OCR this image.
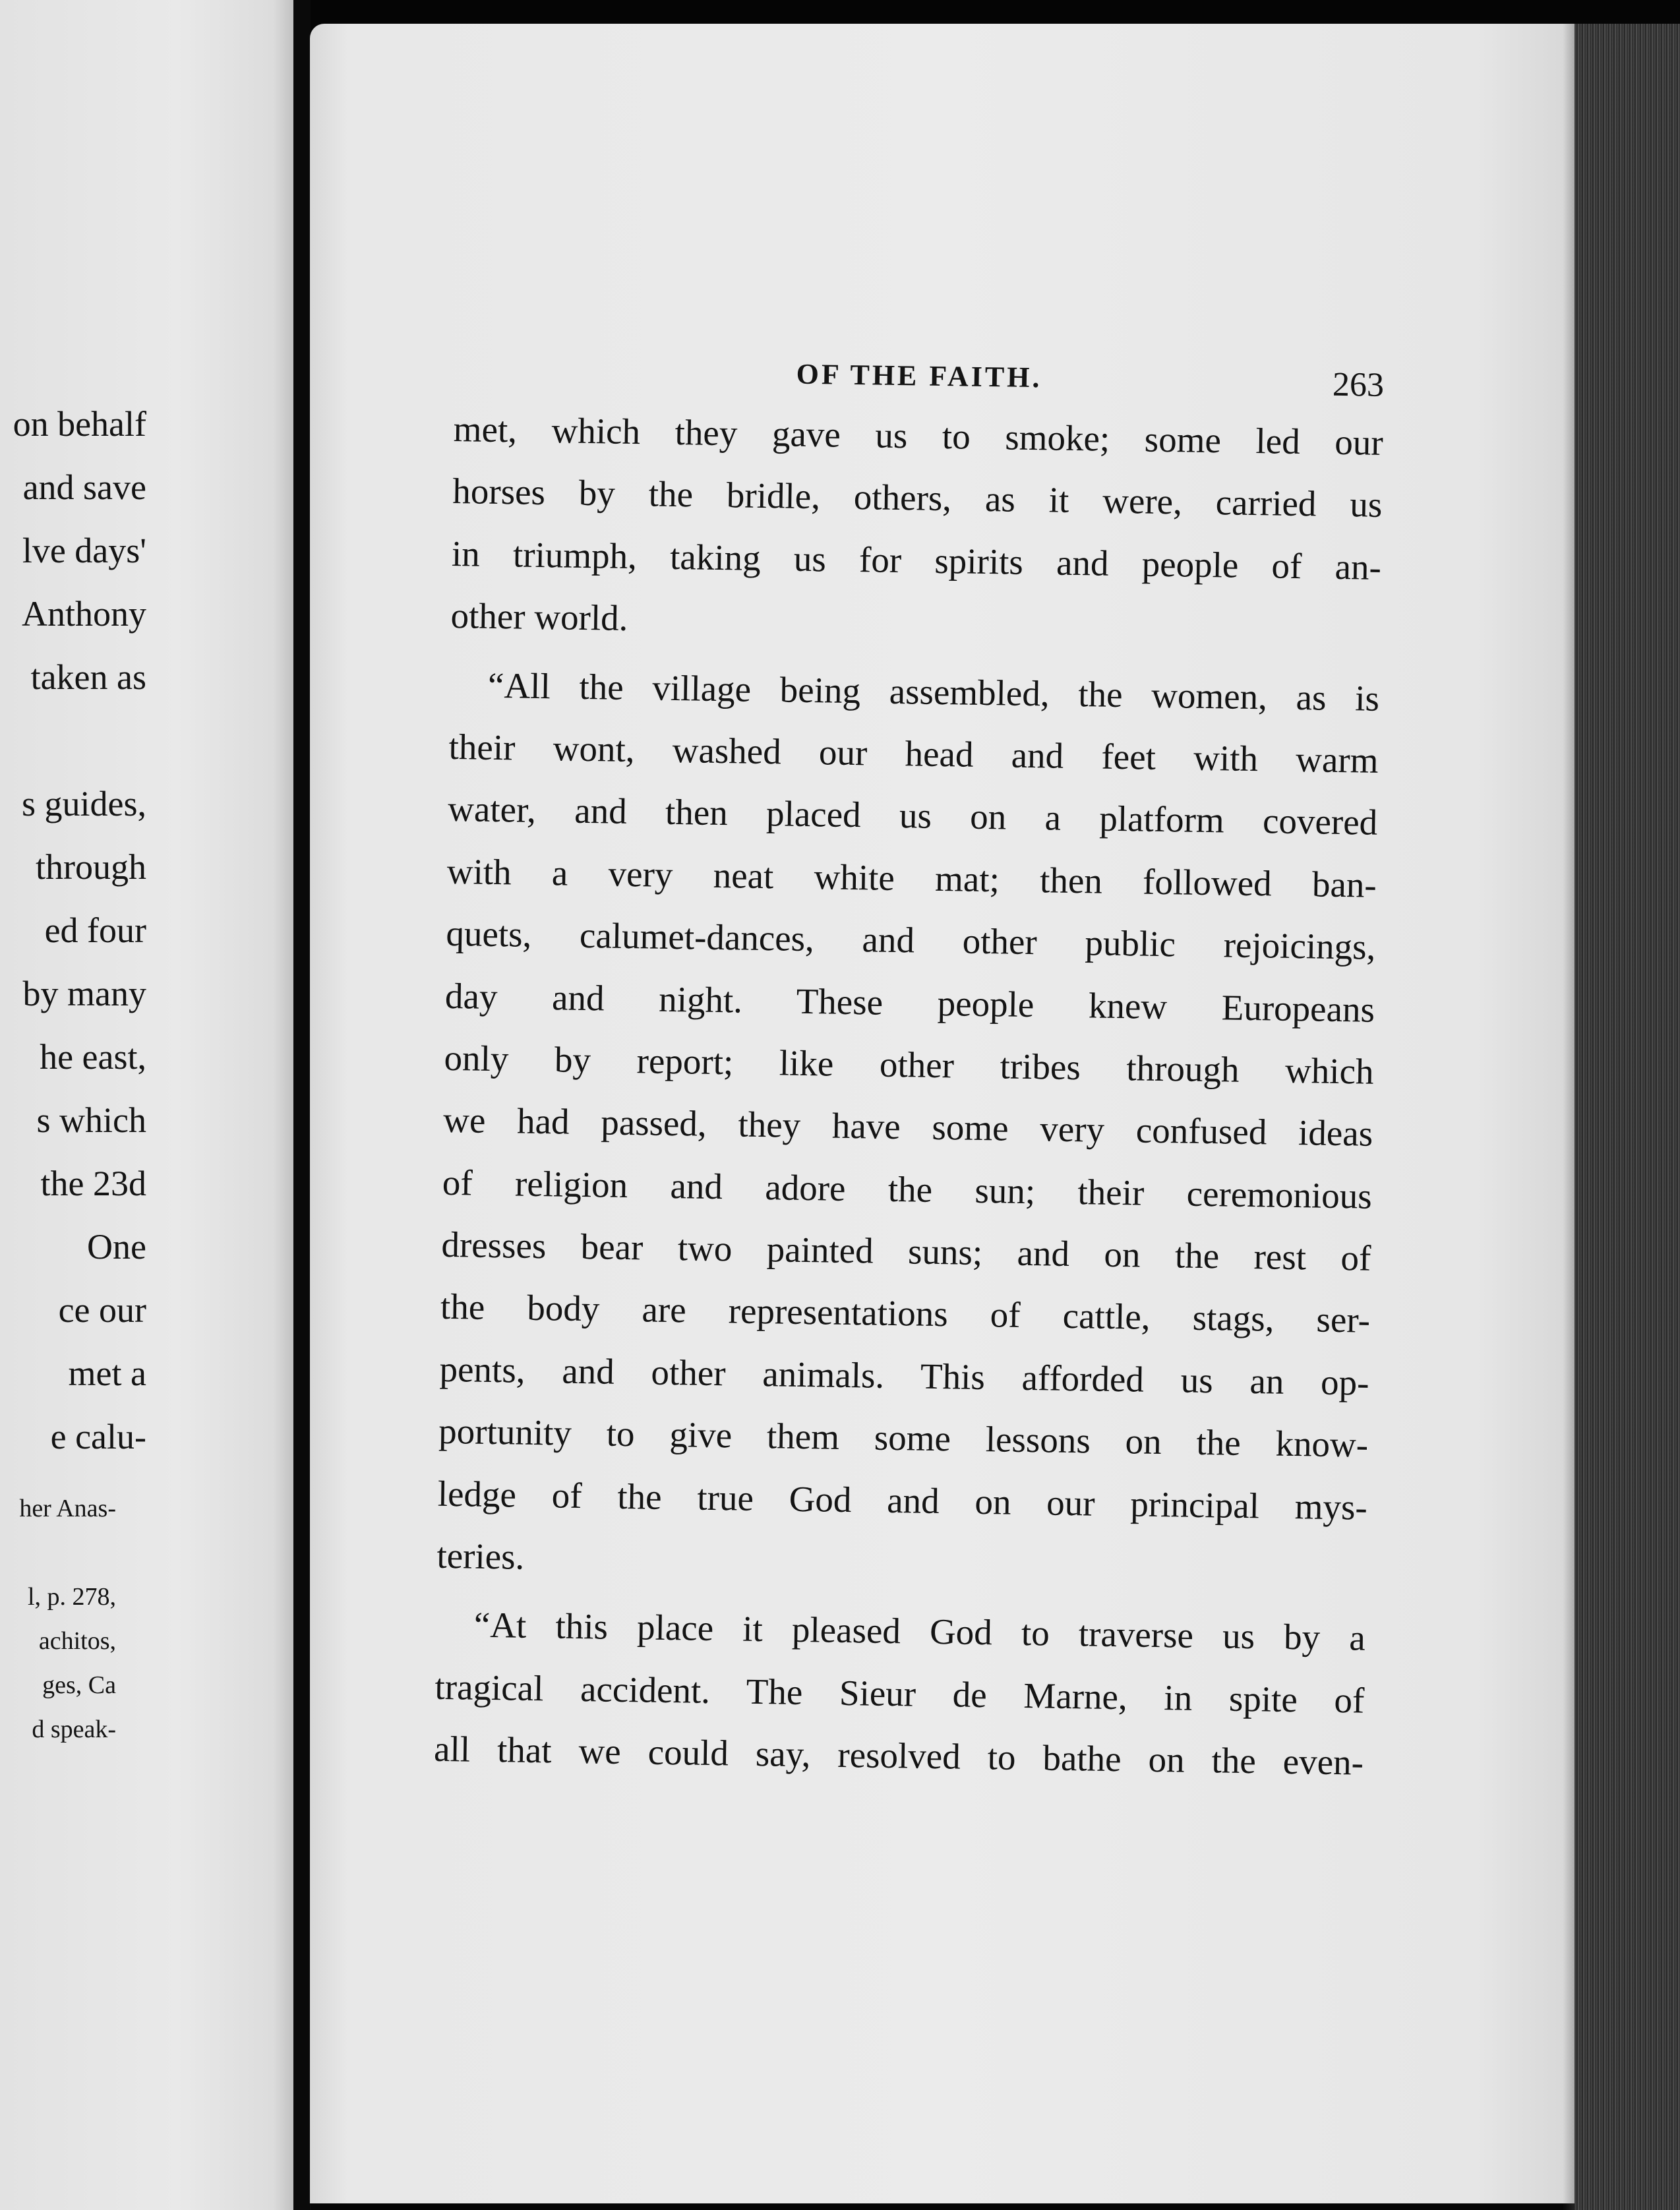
on behalf
and save
lve days'
Anthony
taken as
s guides,
through
ed four
by many
he east,
s which
the 23d
One
ce our
met a
e calu-
her Anas-
l, p. 278,
achitos,
ges, Ca
d speak-
OF THE FAITH.	263
met, which they gave us to smoke; some led our
horses by the bridle, others, as it were, carried us
in triumph, taking us for spirits and people of an-
other world.
“All the village being assembled, the women, as is
their wont, washed our head and feet with warm
water, and then placed us on a platform covered
with a very neat white mat; then followed ban-
quets, calumet-dances, and other public rejoicings,
day and night. These people knew Europeans
only by report; like other tribes through which
we had passed, they have some very confused ideas
of religion and adore the sun; their ceremonious
dresses bear two painted suns; and on the rest of
the body are representations of cattle, stags, ser-
pents, and other animals. This afforded us an op-
portunity to give them some lessons on the know-
ledge of the true God and on our principal mys-
teries.
“At this place it pleased God to traverse us by a
tragical accident. The Sieur de Marne, in spite of
all that we could say, resolved to bathe on the even-
